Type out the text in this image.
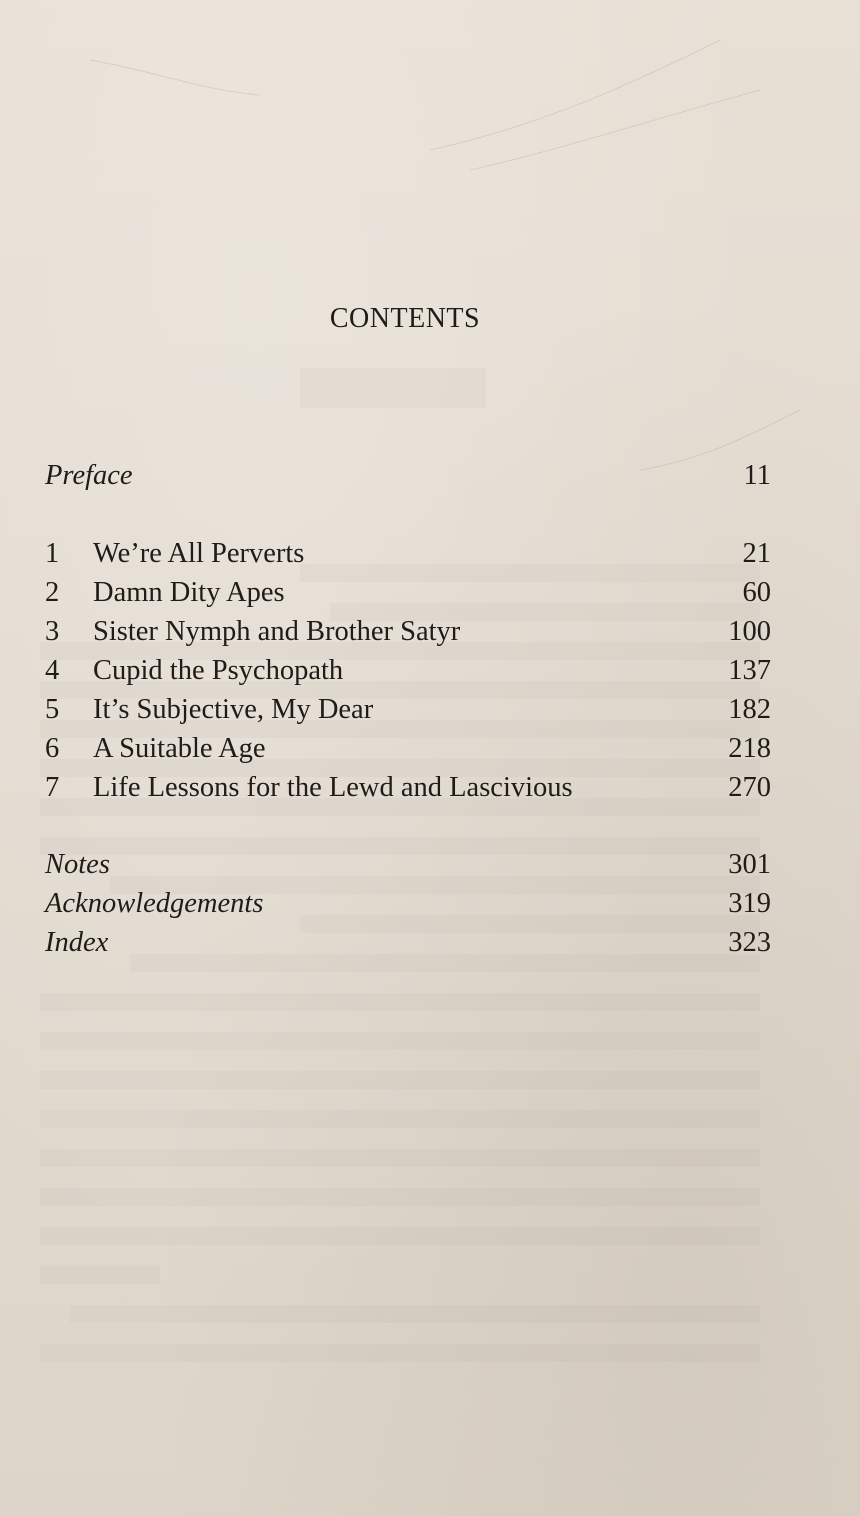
CONTENTS
Preface	11
1 We’re All Perverts	21
2 Damn Dity Apes	60
3 Sister Nymph and Brother Satyr	100
4 Cupid the Psychopath	137
5 It’s Subjective, My Dear	182
6 A Suitable Age	218
7 Life Lessons for the Lewd and Lascivious	270
Notes	301
Acknowledgements	319
Index	323
